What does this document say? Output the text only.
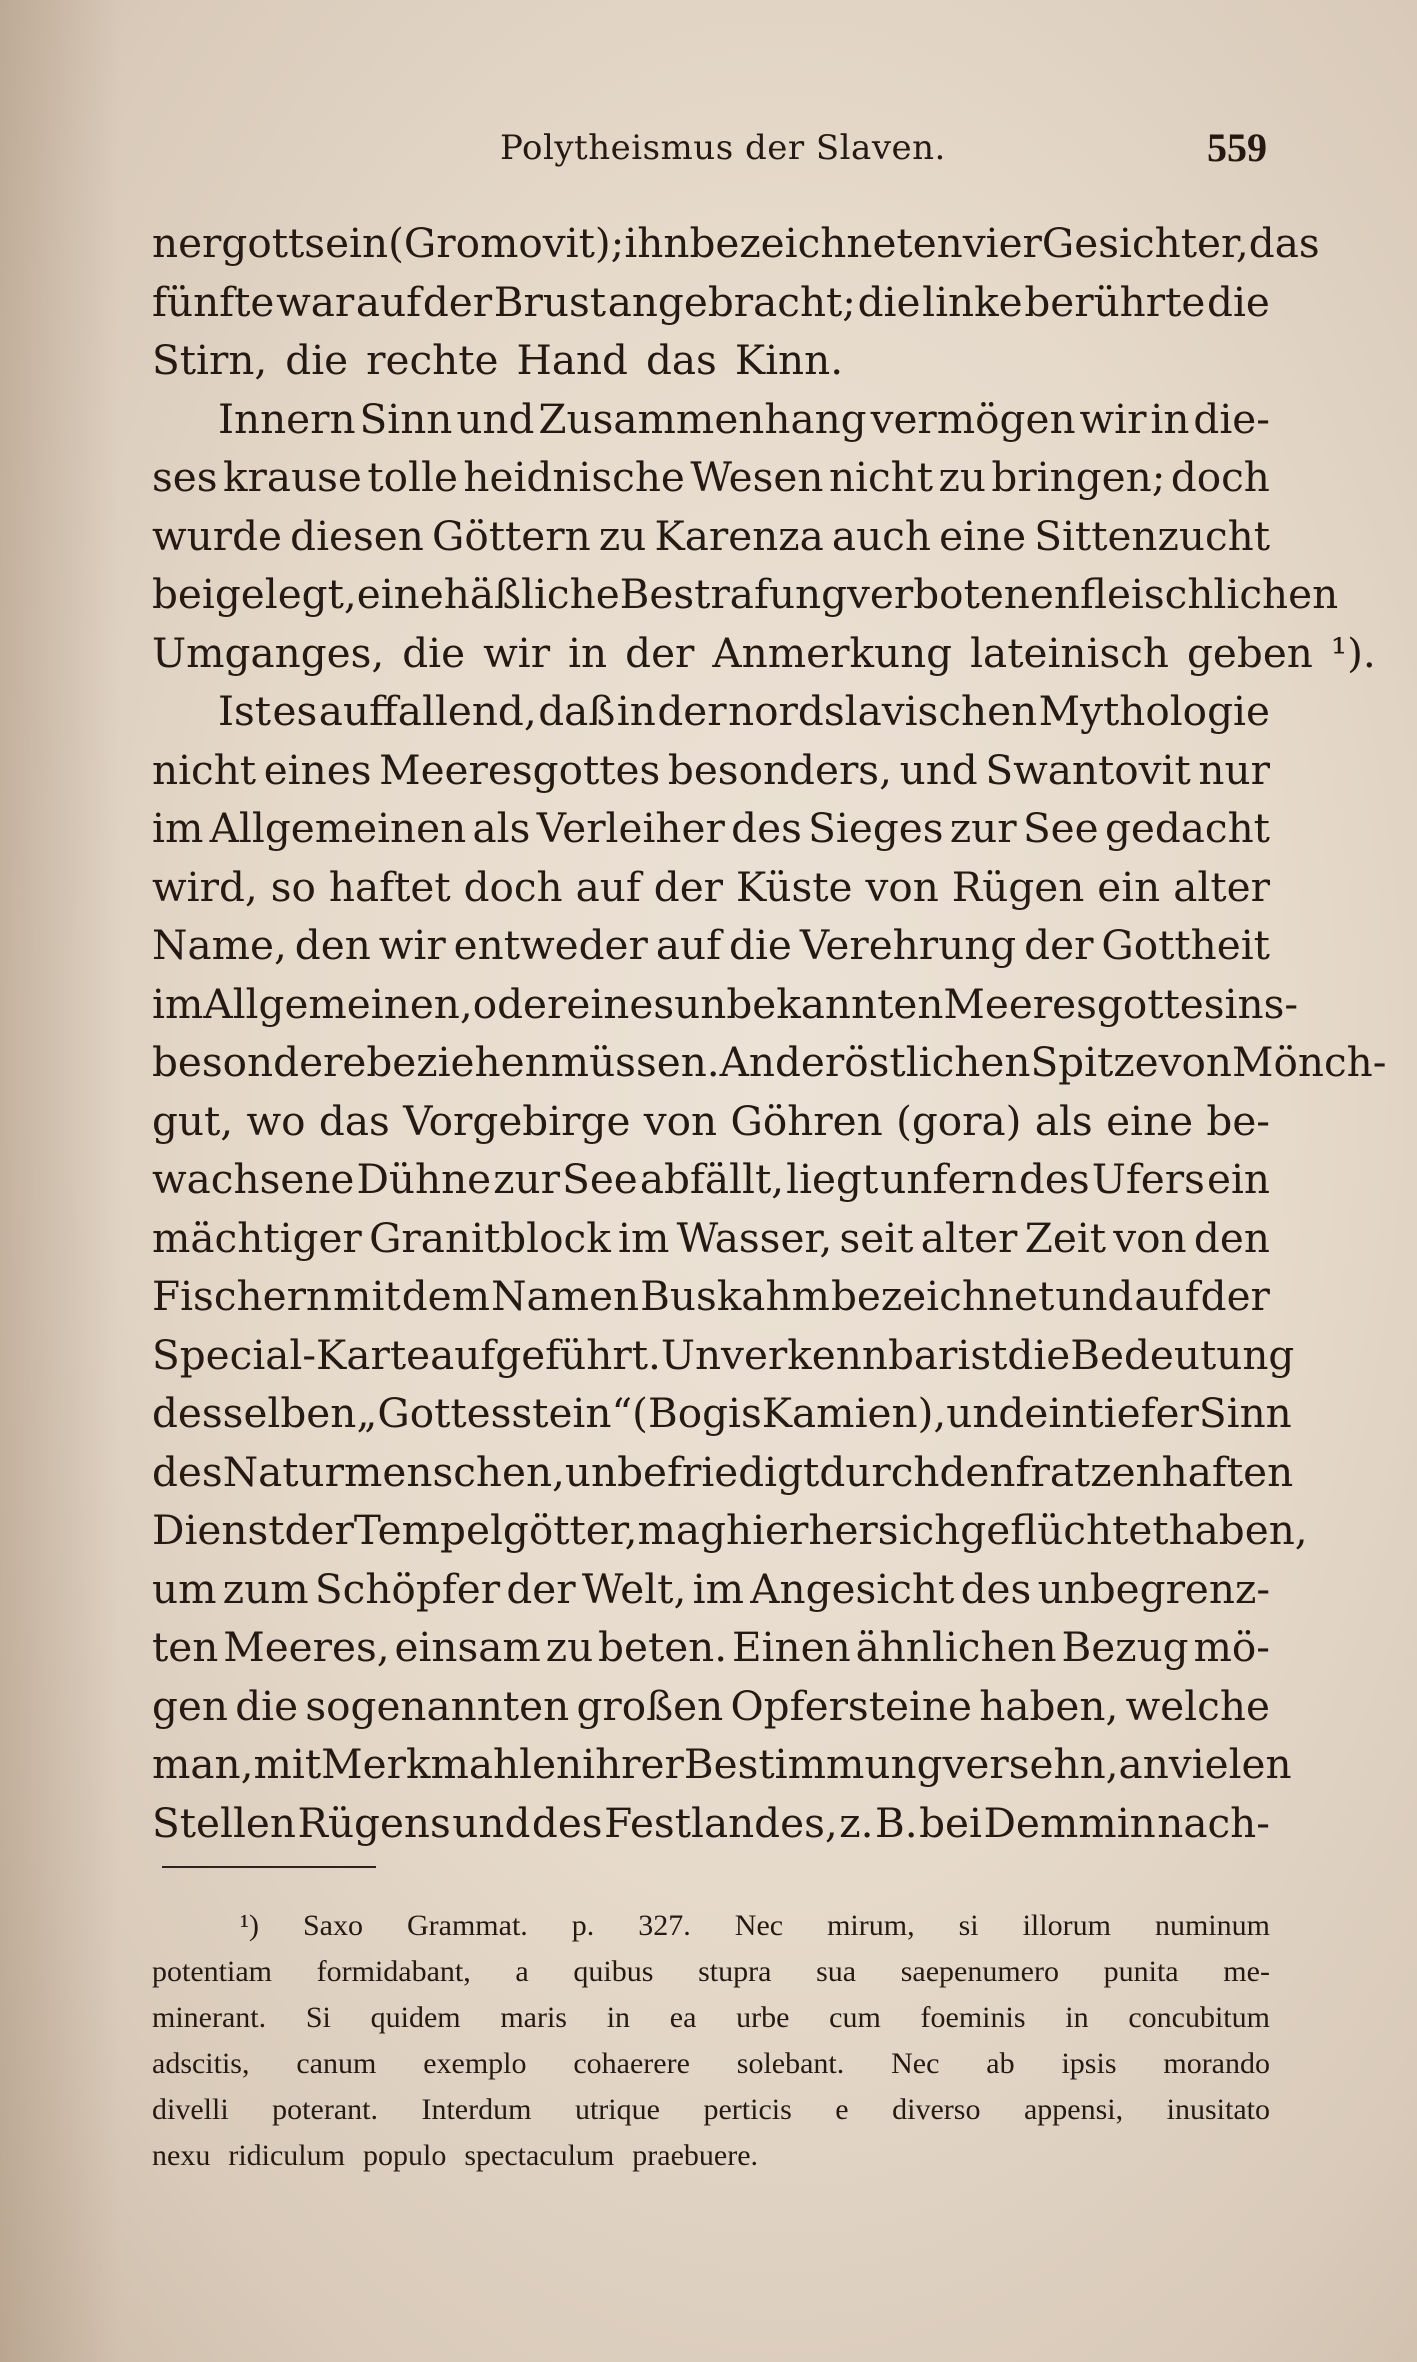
Polytheismus der Slaven.	559
nergott sein (Gromovit); ihn bezeichneten vier Gesichter, das
fünfte war auf der Brust angebracht; die linke berührte die
Stirn, die rechte Hand das Kinn.
Innern Sinn und Zusammenhang vermögen wir in die-
ses krause tolle heidnische Wesen nicht zu bringen; doch
wurde diesen Göttern zu Karenza auch eine Sittenzucht
beigelegt, eine häßliche Bestrafung verbotenen fleischlichen
Umganges, die wir in der Anmerkung lateinisch geben ¹).
Ist es auffallend, daß in der nordslavischen Mythologie
nicht eines Meeresgottes besonders, und Swantovit nur
im Allgemeinen als Verleiher des Sieges zur See gedacht
wird, so haftet doch auf der Küste von Rügen ein alter
Name, den wir entweder auf die Verehrung der Gottheit
im Allgemeinen, oder eines unbekannten Meeresgottes ins-
besondere beziehen müssen. An der östlichen Spitze von Mönch-
gut, wo das Vorgebirge von Göhren (gora) als eine be-
wachsene Dühne zur See abfällt, liegt unfern des Ufers ein
mächtiger Granitblock im Wasser, seit alter Zeit von den
Fischern mit dem Namen Buskahm bezeichnet und auf der
Special-Karte aufgeführt. Unverkennbar ist die Bedeutung
desselben „Gottesstein“ (Bogis Kamien), und ein tiefer Sinn
des Naturmenschen, unbefriedigt durch den fratzenhaften
Dienst der Tempelgötter, mag hierher sich geflüchtet haben,
um zum Schöpfer der Welt, im Angesicht des unbegrenz-
ten Meeres, einsam zu beten. Einen ähnlichen Bezug mö-
gen die sogenannten großen Opfersteine haben, welche
man, mit Merkmahlen ihrer Bestimmung versehn, an vielen
Stellen Rügens und des Festlandes, z. B. bei Demmin nach-
¹) Saxo Grammat. p. 327. Nec mirum, si illorum numinum
potentiam formidabant, a quibus stupra sua saepenumero punita me-
minerant. Si quidem maris in ea urbe cum foeminis in concubitum
adscitis, canum exemplo cohaerere solebant. Nec ab ipsis morando
divelli poterant. Interdum utrique perticis e diverso appensi, inusitato
nexu ridiculum populo spectaculum praebuere.
